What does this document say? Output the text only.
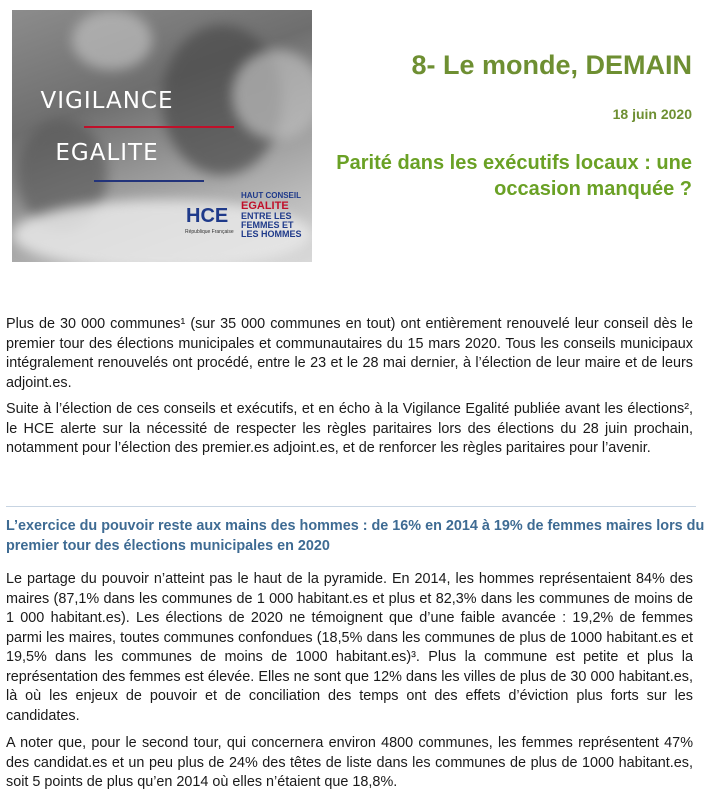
VIGILANCE
EGALITE
HCE
République Française
HAUT CONSEIL
EGALITE
ENTRE LES
FEMMES ET
LES HOMMES
8- Le monde, DEMAIN
18 juin 2020
Parité dans les exécutifs locaux : une occasion manquée ?

Plus de 30 000 communes¹ (sur 35 000 communes en tout) ont entièrement renouvelé leur conseil dès le premier tour des élections municipales et communautaires du 15 mars 2020. Tous les conseils municipaux intégralement renouvelés ont procédé, entre le 23 et le 28 mai dernier, à l’élection de leur maire et de leurs adjoint.es.

Suite à l’élection de ces conseils et exécutifs, et en écho à la Vigilance Egalité publiée avant les élections², le HCE alerte sur la nécessité de respecter les règles paritaires lors des élections du 28 juin prochain, notamment pour l’élection des premier.es adjoint.es, et de renforcer les règles paritaires pour l’avenir.

L’exercice du pouvoir reste aux mains des hommes : de 16% en 2014 à 19% de femmes maires lors du premier tour des élections municipales en 2020

Le partage du pouvoir n’atteint pas le haut de la pyramide. En 2014, les hommes représentaient 84% des maires (87,1% dans les communes de 1 000 habitant.es et plus et 82,3% dans les communes de moins de 1 000 habitant.es). Les élections de 2020 ne témoignent que d’une faible avancée : 19,2% de femmes parmi les maires, toutes communes confondues (18,5% dans les communes de plus de 1000 habitant.es et 19,5% dans les communes de moins de 1000 habitant.es)³. Plus la commune est petite et plus la représentation des femmes est élevée. Elles ne sont que 12% dans les villes de plus de 30 000 habitant.es, là où les enjeux de pouvoir et de conciliation des temps ont des effets d’éviction plus forts sur les candidates.

A noter que, pour le second tour, qui concernera environ 4800 communes, les femmes représentent 47% des candidat.es et un peu plus de 24% des têtes de liste dans les communes de plus de 1000 habitant.es, soit 5 points de plus qu’en 2014 où elles n’étaient que 18,8%.
